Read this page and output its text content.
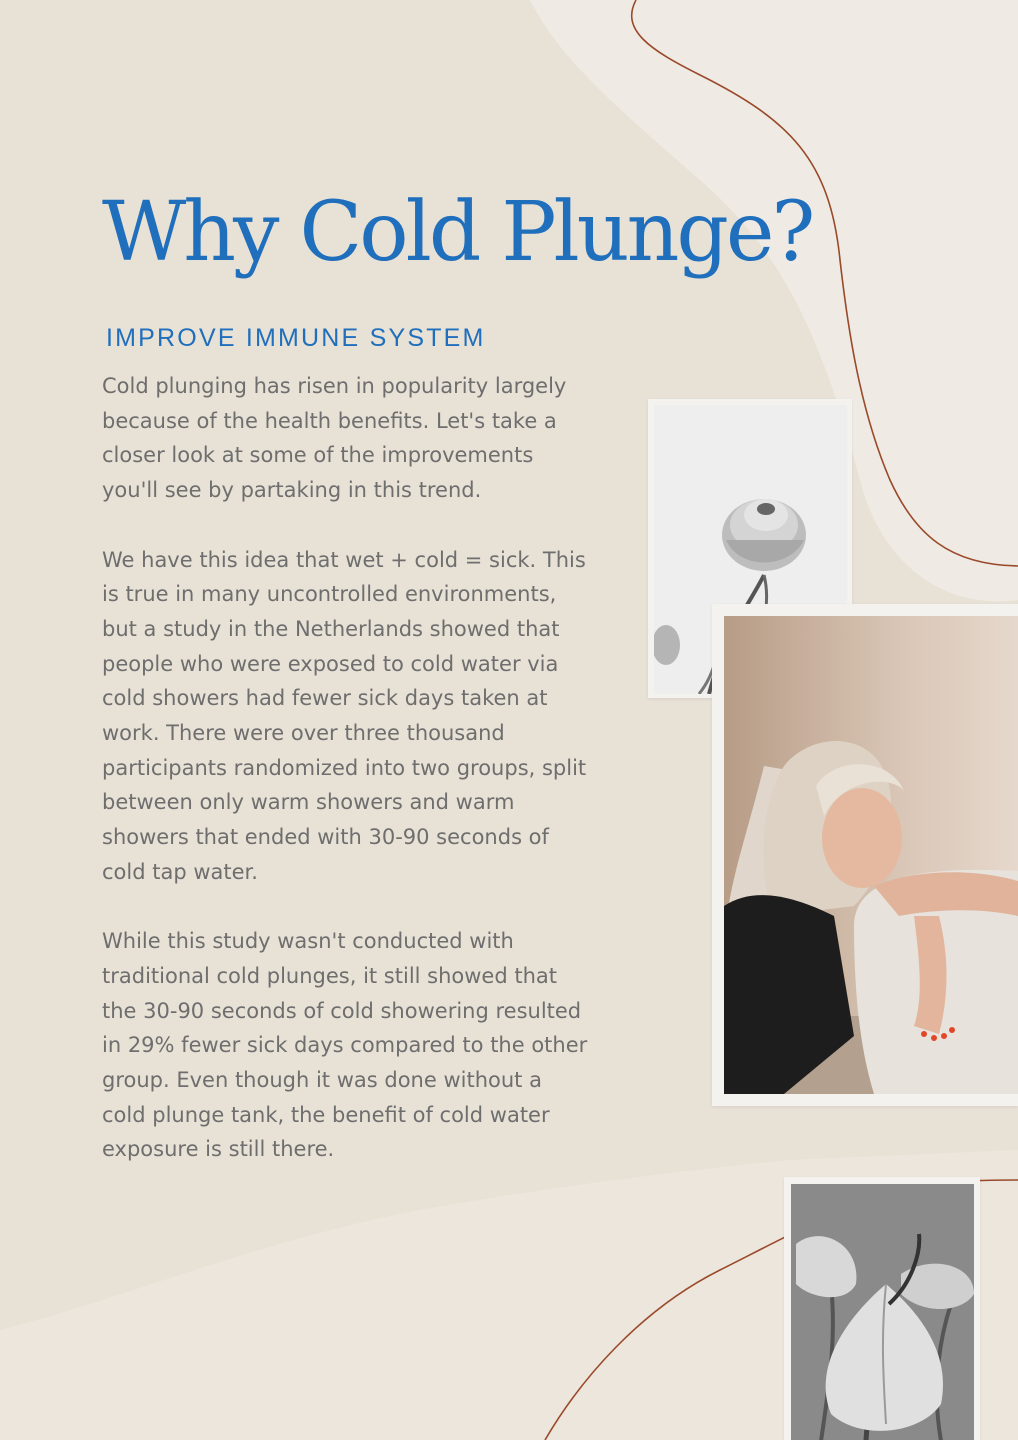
Why Cold Plunge?
IMPROVE IMMUNE SYSTEM

Cold plunging has risen in popularity largely because of the health benefits. Let's take a closer look at some of the improvements you'll see by partaking in this trend.

We have this idea that wet + cold = sick. This is true in many uncontrolled environments, but a study in the Netherlands showed that people who were exposed to cold water via cold showers had fewer sick days taken at work. There were over three thousand participants randomized into two groups, split between only warm showers and warm showers that ended with 30-90 seconds of cold tap water.

While this study wasn't conducted with traditional cold plunges, it still showed that the 30-90 seconds of cold showering resulted in 29% fewer sick days compared to the other group. Even though it was done without a cold plunge tank, the benefit of cold water exposure is still there.
